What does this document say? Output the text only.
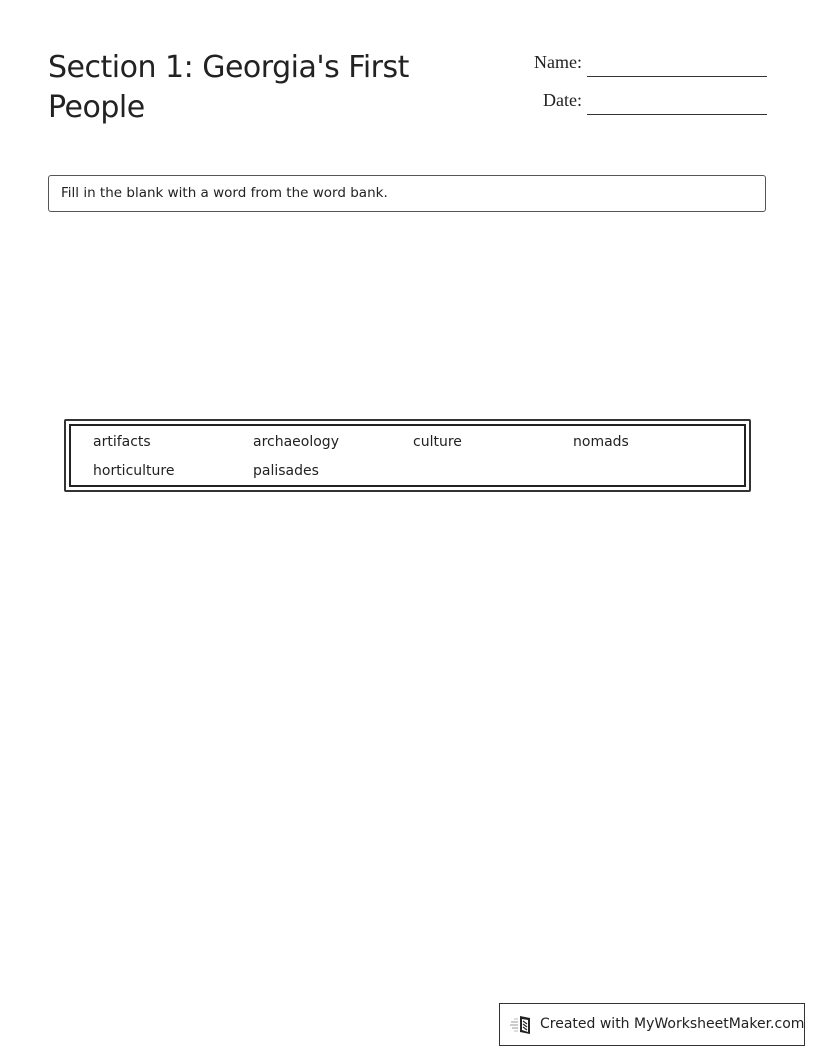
Section 1: Georgia's First People
Name:
Date:
Fill in the blank with a word from the word bank.
artifacts	archaeology	culture	nomads
horticulture	palisades
Created with MyWorksheetMaker.com
